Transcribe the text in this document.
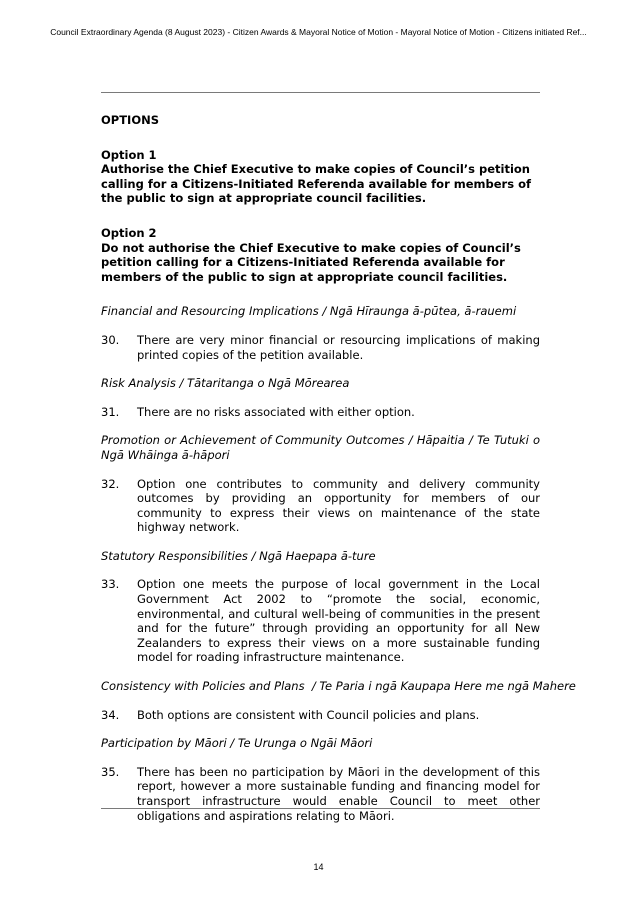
Council Extraordinary Agenda (8 August 2023) - Citizen Awards & Mayoral Notice of Motion - Mayoral Notice of Motion - Citizens initiated Ref...
OPTIONS
Option 1
Authorise the Chief Executive to make copies of Council’s petition calling for a Citizens-Initiated Referenda available for members of the public to sign at appropriate council facilities.
Option 2
Do not authorise the Chief Executive to make copies of Council’s petition calling for a Citizens-Initiated Referenda available for members of the public to sign at appropriate council facilities.
Financial and Resourcing Implications / Ngā Hīraunga ā-pūtea, ā-rauemi
30.	There are very minor financial or resourcing implications of making printed copies of the petition available.
Risk Analysis / Tātaritanga o Ngā Mōrearea
31.	There are no risks associated with either option.
Promotion or Achievement of Community Outcomes / Hāpaitia / Te Tutuki o Ngā Whāinga ā-hāpori
32.	Option one contributes to community and delivery community outcomes by providing an opportunity for members of our community to express their views on maintenance of the state highway network.
Statutory Responsibilities / Ngā Haepapa ā-ture
33.	Option one meets the purpose of local government in the Local Government Act 2002 to “promote the social, economic, environmental, and cultural well-being of communities in the present and for the future” through providing an opportunity for all New Zealanders to express their views on a more sustainable funding model for roading infrastructure maintenance.
Consistency with Policies and Plans  / Te Paria i ngā Kaupapa Here me ngā Mahere
34.	Both options are consistent with Council policies and plans.
Participation by Māori / Te Urunga o Ngāi Māori
35.	There has been no participation by Māori in the development of this report, however a more sustainable funding and financing model for transport infrastructure would enable Council to meet other obligations and aspirations relating to Māori.
14
